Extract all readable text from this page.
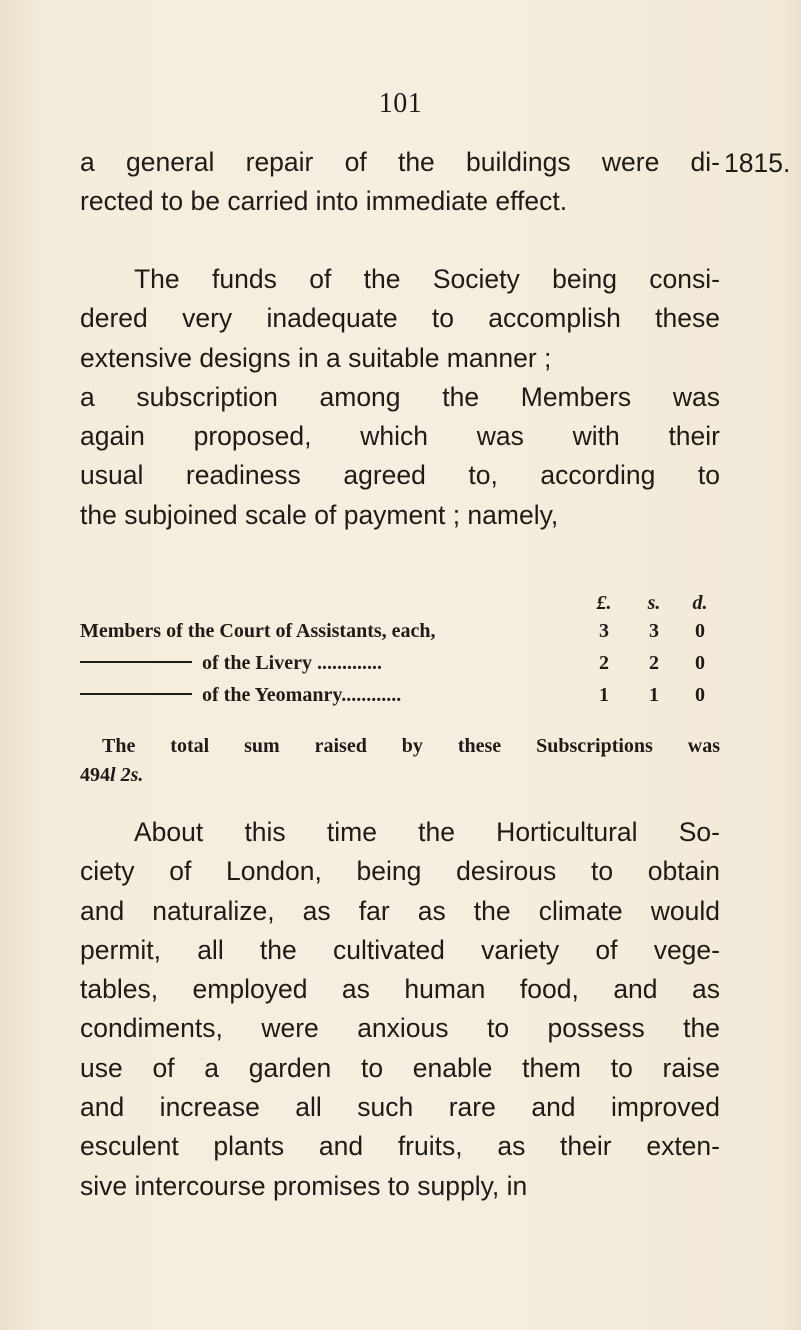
101
1815.
a general repair of the buildings were di-
rected to be carried into immediate effect.
The funds of the Society being consi-
dered very inadequate to accomplish these
extensive designs in a suitable manner ;
a subscription among the Members was
again proposed, which was with their
usual readiness agreed to, according to
the subjoined scale of payment ; namely,
£.	s.	d.
Members of the Court of Assistants, each,	3	3	0
of the Livery .............	2	2	0
of the Yeomanry............	1	1	0
The total sum raised by these Subscriptions was
494l 2s.
About this time the Horticultural So-
ciety of London, being desirous to obtain
and naturalize, as far as the climate would
permit, all the cultivated variety of vege-
tables, employed as human food, and as
condiments, were anxious to possess the
use of a garden to enable them to raise
and increase all such rare and improved
esculent plants and fruits, as their exten-
sive intercourse promises to supply, in
